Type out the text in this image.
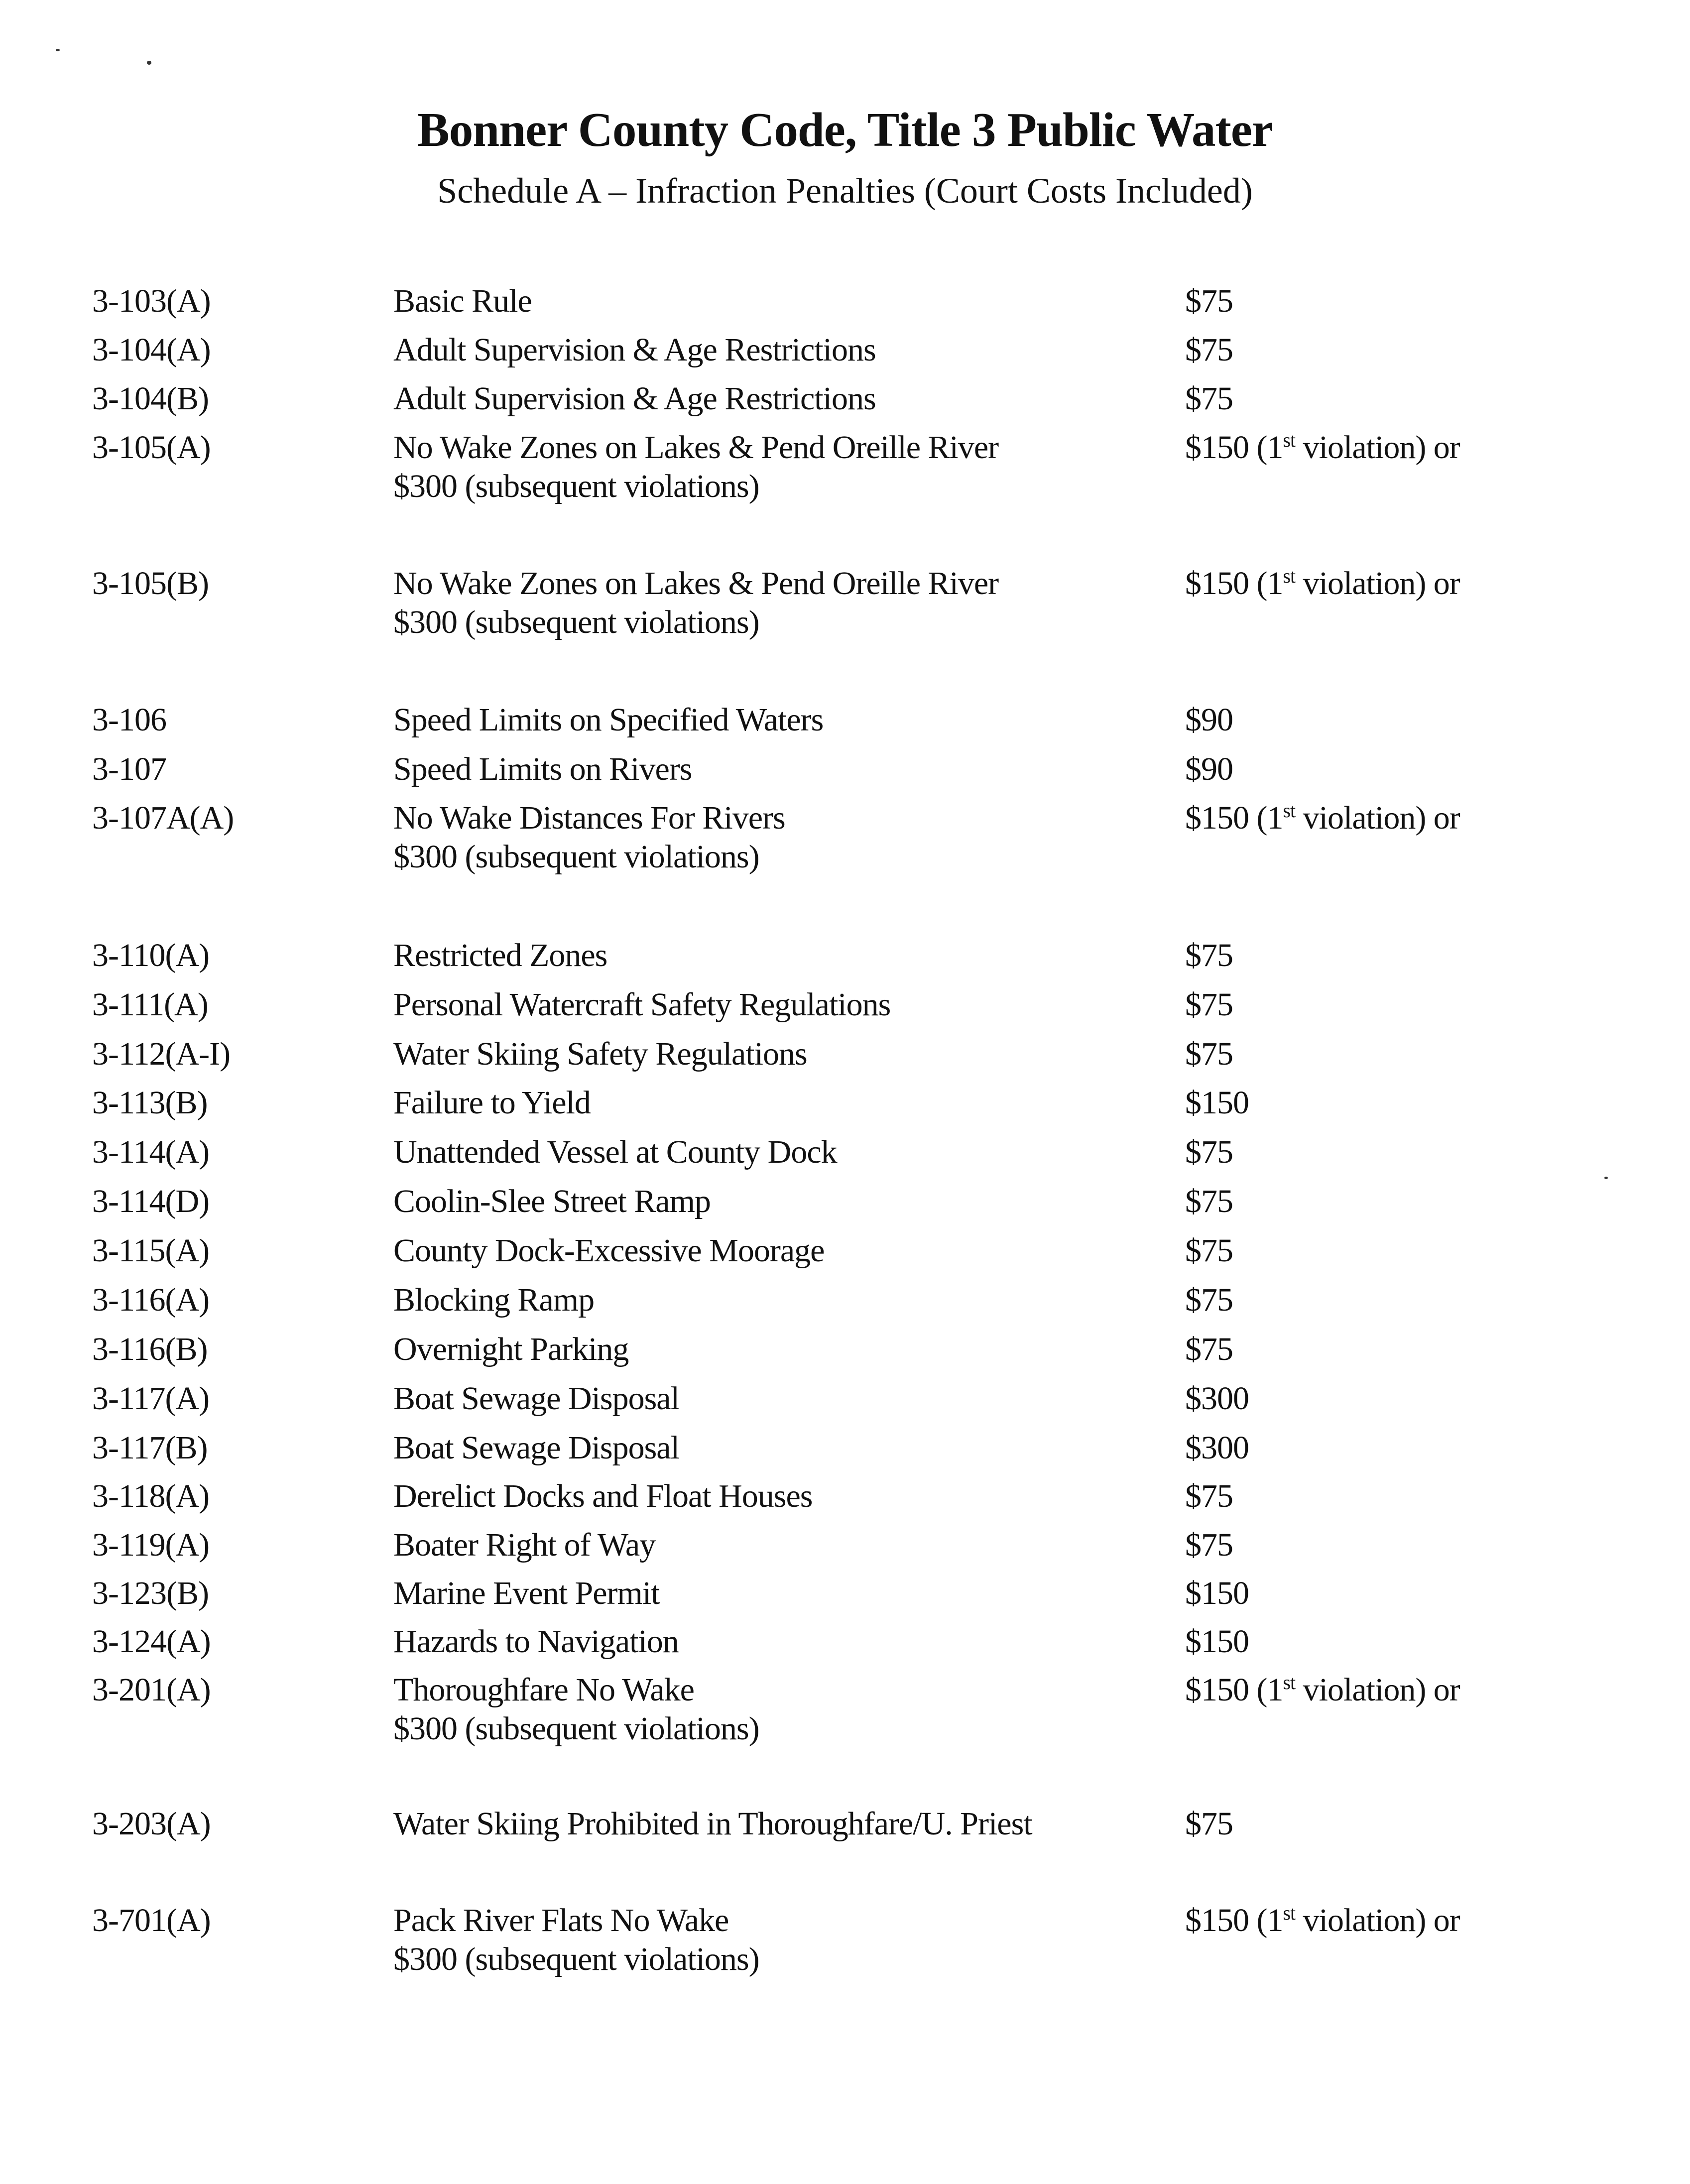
Bonner County Code, Title 3 Public Water
Schedule A – Infraction Penalties (Court Costs Included)
3-103(A)	Basic Rule	$75
3-104(A)	Adult Supervision & Age Restrictions	$75
3-104(B)	Adult Supervision & Age Restrictions	$75
3-105(A)	No Wake Zones on Lakes & Pend Oreille River	$150 (1st violation) or
$300 (subsequent violations)
3-105(B)	No Wake Zones on Lakes & Pend Oreille River	$150 (1st violation) or
$300 (subsequent violations)
3-106	Speed Limits on Specified Waters	$90
3-107	Speed Limits on Rivers	$90
3-107A(A)	No Wake Distances For Rivers	$150 (1st violation) or
$300 (subsequent violations)
3-110(A)	Restricted Zones	$75
3-111(A)	Personal Watercraft Safety Regulations	$75
3-112(A-I)	Water Skiing Safety Regulations	$75
3-113(B)	Failure to Yield	$150
3-114(A)	Unattended Vessel at County Dock	$75
3-114(D)	Coolin-Slee Street Ramp	$75
3-115(A)	County Dock-Excessive Moorage	$75
3-116(A)	Blocking Ramp	$75
3-116(B)	Overnight Parking	$75
3-117(A)	Boat Sewage Disposal	$300
3-117(B)	Boat Sewage Disposal	$300
3-118(A)	Derelict Docks and Float Houses	$75
3-119(A)	Boater Right of Way	$75
3-123(B)	Marine Event Permit	$150
3-124(A)	Hazards to Navigation	$150
3-201(A)	Thoroughfare No Wake	$150 (1st violation) or
$300 (subsequent violations)
3-203(A)	Water Skiing Prohibited in Thoroughfare/U. Priest	$75
3-701(A)	Pack River Flats No Wake	$150 (1st violation) or
$300 (subsequent violations)
